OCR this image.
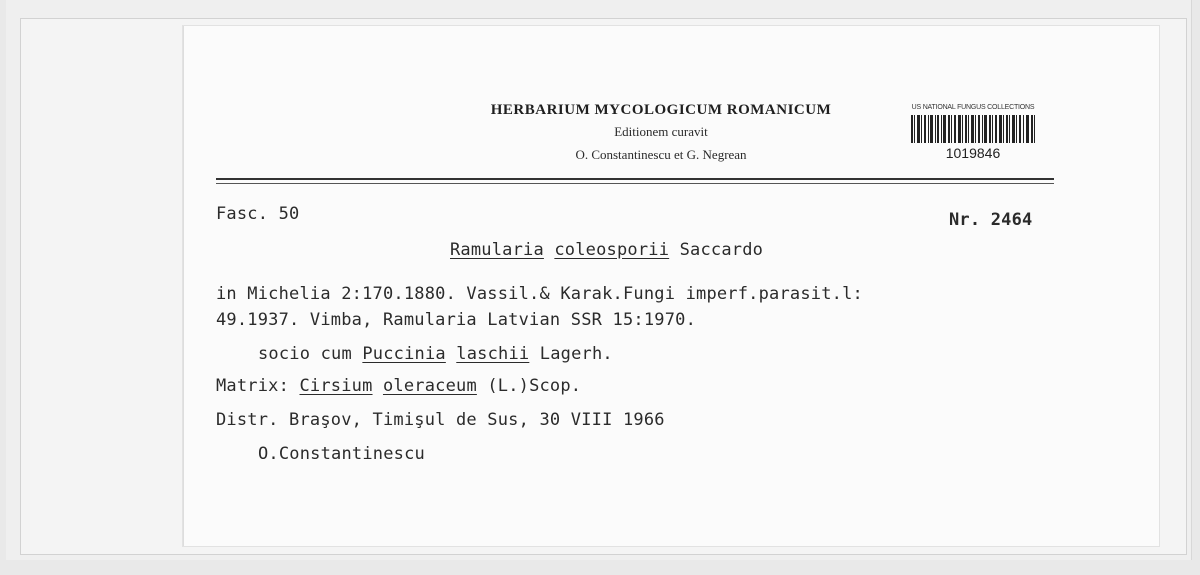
HERBARIUM MYCOLOGICUM ROMANICUM
Editionem curavit
O. Constantinescu et G. Negrean
US NATIONAL FUNGUS COLLECTIONS
1019846
Fasc. 50	Nr. 2464
Ramularia coleosporii Saccardo
in Michelia 2:170.1880. Vassil.& Karak.Fungi imperf.parasit.l:
49.1937. Vimba, Ramularia Latvian SSR 15:1970.
socio cum Puccinia laschii Lagerh.
Matrix: Cirsium oleraceum (L.)Scop.
Distr. Braşov, Timişul de Sus, 30 VIII 1966
O.Constantinescu
